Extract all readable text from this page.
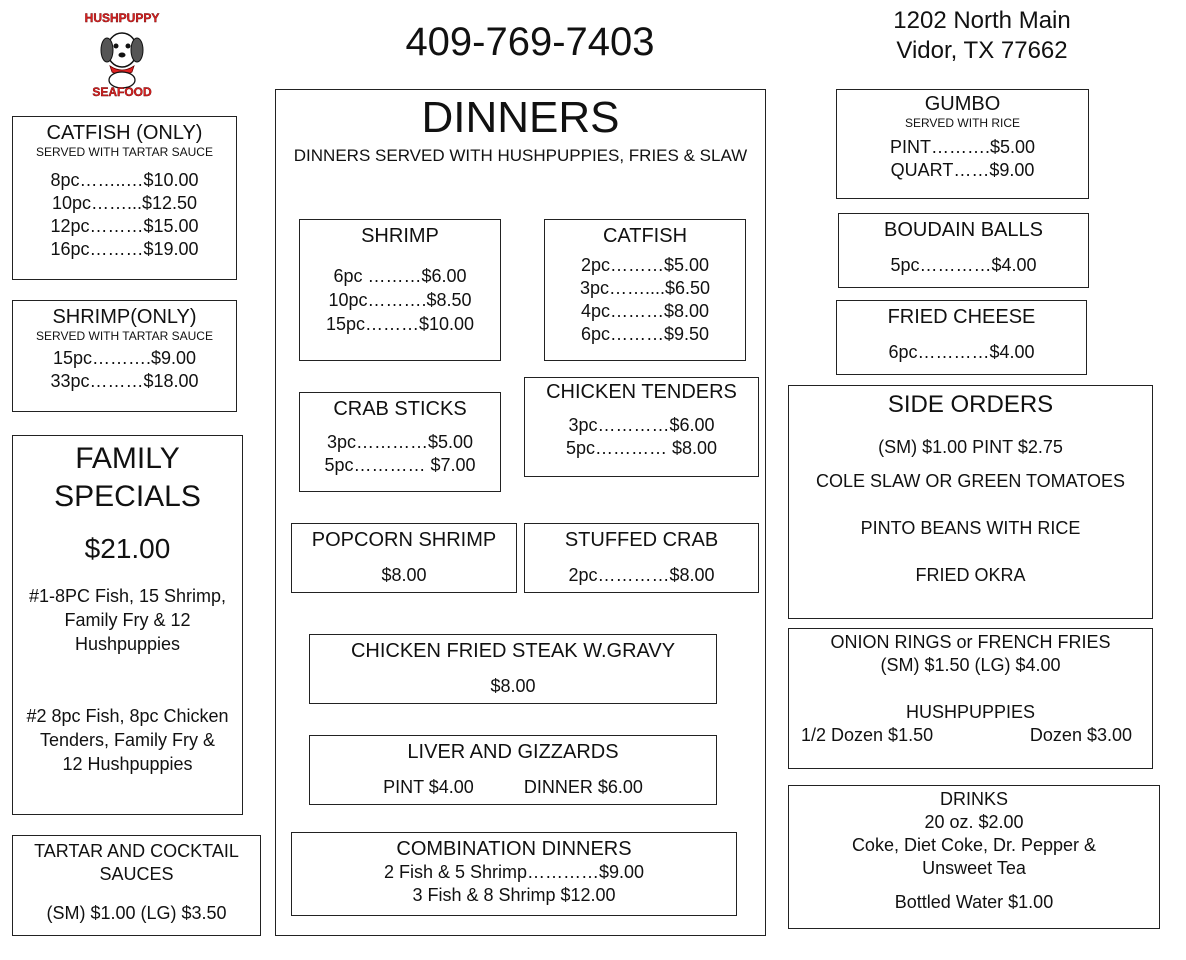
HUSHPUPPY
SEAFOOD
409-769-7403	1202 North Main
Vidor, TX 77662
CATFISH (ONLY)
SERVED WITH TARTAR SAUCE
8pc……..…$10.00
10pc……...$12.50
12pc………$15.00
16pc………$19.00
SHRIMP(ONLY)
SERVED WITH TARTAR SAUCE
15pc……….$9.00
33pc………$18.00
FAMILY
SPECIALS
$21.00
#1-8PC Fish, 15 Shrimp,
Family Fry & 12
Hushpuppies
#2 8pc Fish, 8pc Chicken
Tenders, Family Fry &
12 Hushpuppies
TARTAR AND COCKTAIL
SAUCES
(SM) $1.00 (LG) $3.50
DINNERS
DINNERS SERVED WITH HUSHPUPPIES, FRIES & SLAW
SHRIMP
6pc ………$6.00
10pc……….$8.50
15pc………$10.00
CATFISH
2pc………$5.00
3pc……....$6.50
4pc………$8.00
6pc………$9.50
CRAB STICKS
3pc…………$5.00
5pc………… $7.00
CHICKEN TENDERS
3pc…………$6.00
5pc………… $8.00
POPCORN SHRIMP
$8.00
STUFFED CRAB
2pc…………$8.00
CHICKEN FRIED STEAK W.GRAVY
$8.00
LIVER AND GIZZARDS
PINT $4.00	DINNER $6.00
COMBINATION DINNERS
2 Fish & 5 Shrimp…………$9.00
3 Fish & 8 Shrimp $12.00
GUMBO
SERVED WITH RICE
PINT……….$5.00
QUART……$9.00
BOUDAIN BALLS
5pc…………$4.00
FRIED CHEESE
6pc…………$4.00
SIDE ORDERS
(SM) $1.00 PINT $2.75
COLE SLAW OR GREEN TOMATOES
PINTO BEANS WITH RICE
FRIED OKRA
ONION RINGS or FRENCH FRIES
(SM) $1.50 (LG) $4.00
HUSHPUPPIES
1/2 Dozen $1.50	Dozen $3.00
DRINKS
20 oz. $2.00
Coke, Diet Coke, Dr. Pepper &
Unsweet Tea
Bottled Water $1.00
